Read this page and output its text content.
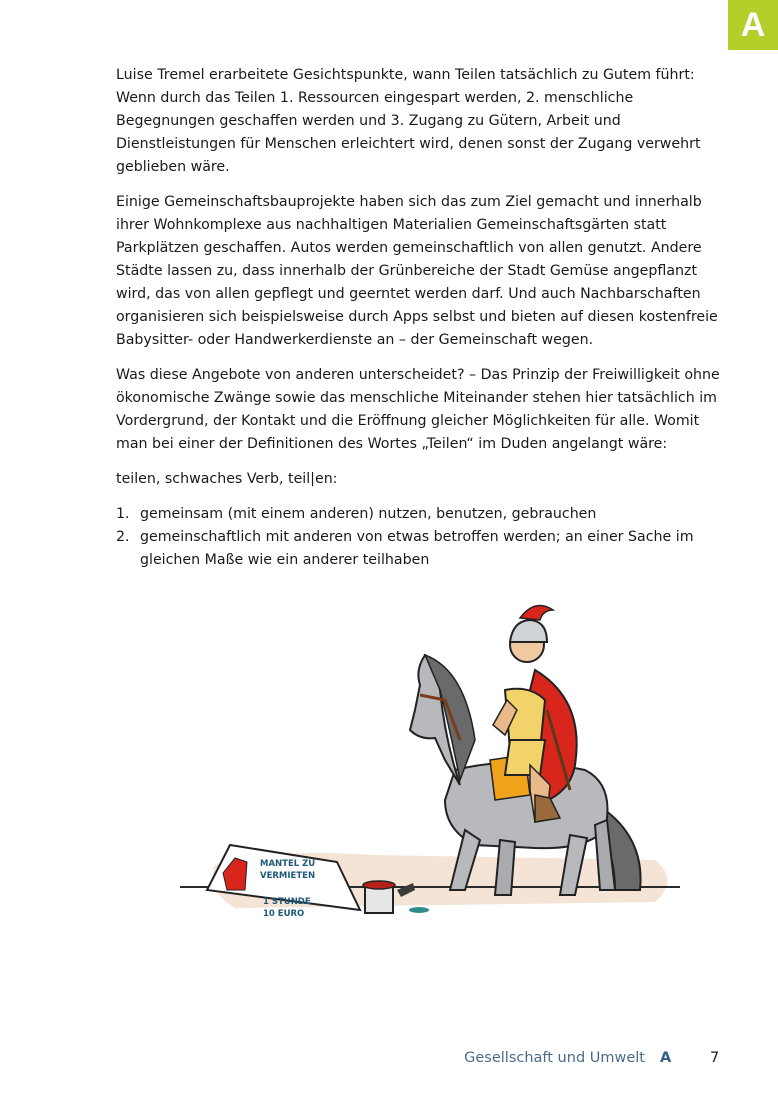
A

Luise Tremel erarbeitete Gesichtspunkte, wann Teilen tatsächlich zu Gutem führt: Wenn durch das Teilen 1. Ressourcen eingespart werden, 2. menschliche Begegnungen geschaffen werden und 3. Zugang zu Gütern, Arbeit und Dienstleistungen für Menschen erleichtert wird, denen sonst der Zugang verwehrt geblieben wäre.

Einige Gemeinschaftsbauprojekte haben sich das zum Ziel gemacht und innerhalb ihrer Wohnkomplexe aus nachhaltigen Materialien Gemeinschaftsgärten statt Parkplätzen geschaffen. Autos werden gemeinschaftlich von allen genutzt. Andere Städte lassen zu, dass innerhalb der Grünbereiche der Stadt Gemüse angepflanzt wird, das von allen gepflegt und geerntet werden darf. Und auch Nachbarschaften organisieren sich beispielsweise durch Apps selbst und bieten auf diesen kostenfreie Babysitter- oder Handwerkerdienste an – der Gemeinschaft wegen.

Was diese Angebote von anderen unterscheidet? – Das Prinzip der Freiwilligkeit ohne ökonomische Zwänge sowie das menschliche Miteinander stehen hier tatsächlich im Vordergrund, der Kontakt und die Eröffnung gleicher Möglichkeiten für alle. Womit man bei einer der Definitionen des Wortes „Teilen“ im Duden angelangt wäre:

teilen, schwaches Verb, teil|en:

1. gemeinsam (mit einem anderen) nutzen, benutzen, gebrauchen
2. gemeinschaftlich mit anderen von etwas betroffen werden; an einer Sache im gleichen Maße wie ein anderer teilhaben
MANTEL ZU
VERMIETEN
1 STUNDE
10 EURO
Gesellschaft und Umwelt A	7
